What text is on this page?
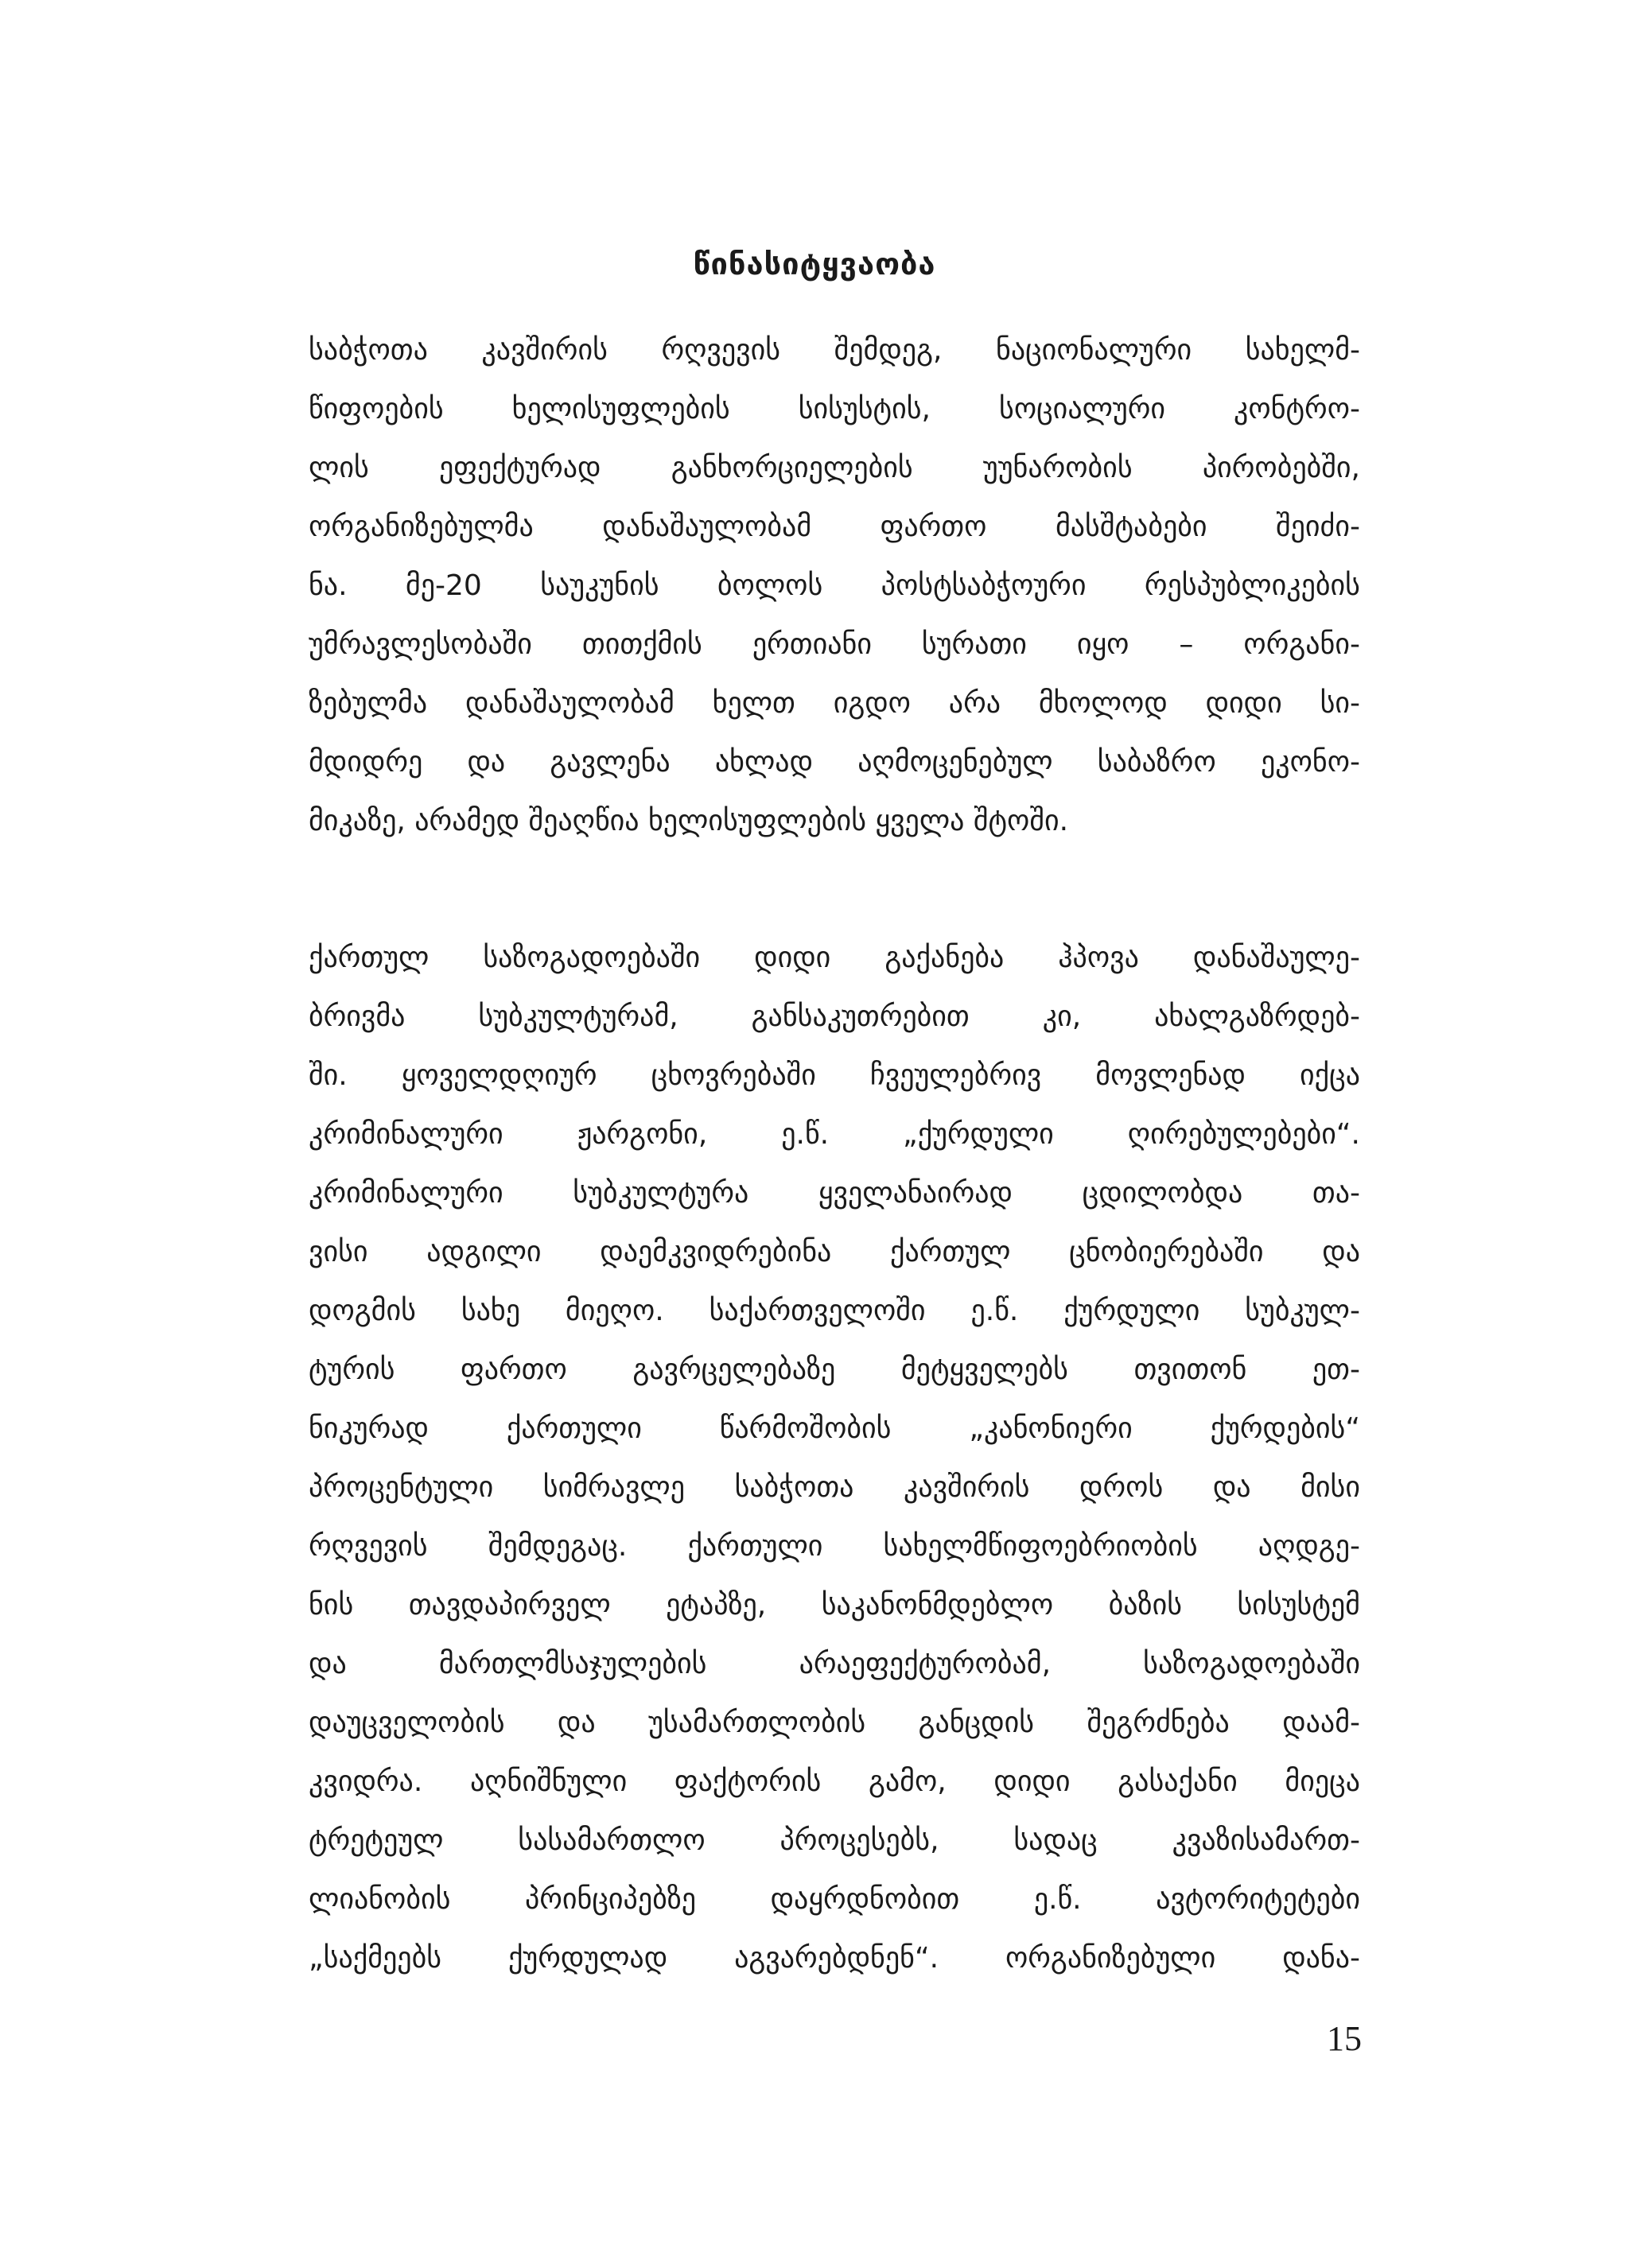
წინასიტყვაობა
საბჭოთა კავშირის რღვევის შემდეგ, ნაციონალური სახელმ-
წიფოების ხელისუფლების სისუსტის, სოციალური კონტრო-
ლის ეფექტურად განხორციელების უუნარობის პირობებში,
ორგანიზებულმა დანაშაულობამ ფართო მასშტაბები შეიძი-
ნა. მე-20 საუკუნის ბოლოს პოსტსაბჭოური რესპუბლიკების
უმრავლესობაში თითქმის ერთიანი სურათი იყო – ორგანი-
ზებულმა დანაშაულობამ ხელთ იგდო არა მხოლოდ დიდი სი-
მდიდრე და გავლენა ახლად აღმოცენებულ საბაზრო ეკონო-
მიკაზე, არამედ შეაღწია ხელისუფლების ყველა შტოში.
ქართულ საზოგადოებაში დიდი გაქანება ჰპოვა დანაშაულე-
ბრივმა სუბკულტურამ, განსაკუთრებით კი, ახალგაზრდებ-
ში. ყოველდღიურ ცხოვრებაში ჩვეულებრივ მოვლენად იქცა
კრიმინალური ჟარგონი, ე.წ. „ქურდული ღირებულებები“.
კრიმინალური სუბკულტურა ყველანაირად ცდილობდა თა-
ვისი ადგილი დაემკვიდრებინა ქართულ ცნობიერებაში და
დოგმის სახე მიეღო. საქართველოში ე.წ. ქურდული სუბკულ-
ტურის ფართო გავრცელებაზე მეტყველებს თვითონ ეთ-
ნიკურად ქართული წარმოშობის „კანონიერი ქურდების“
პროცენტული სიმრავლე საბჭოთა კავშირის დროს და მისი
რღვევის შემდეგაც. ქართული სახელმწიფოებრიობის აღდგე-
ნის თავდაპირველ ეტაპზე, საკანონმდებლო ბაზის სისუსტემ
და მართლმსაჯულების არაეფექტურობამ, საზოგადოებაში
დაუცველობის და უსამართლობის განცდის შეგრძნება დაამ-
კვიდრა. აღნიშნული ფაქტორის გამო, დიდი გასაქანი მიეცა
ტრეტეულ სასამართლო პროცესებს, სადაც კვაზისამართ-
ლიანობის პრინციპებზე დაყრდნობით ე.წ. ავტორიტეტები
„საქმეებს ქურდულად აგვარებდნენ“. ორგანიზებული დანა-
15
